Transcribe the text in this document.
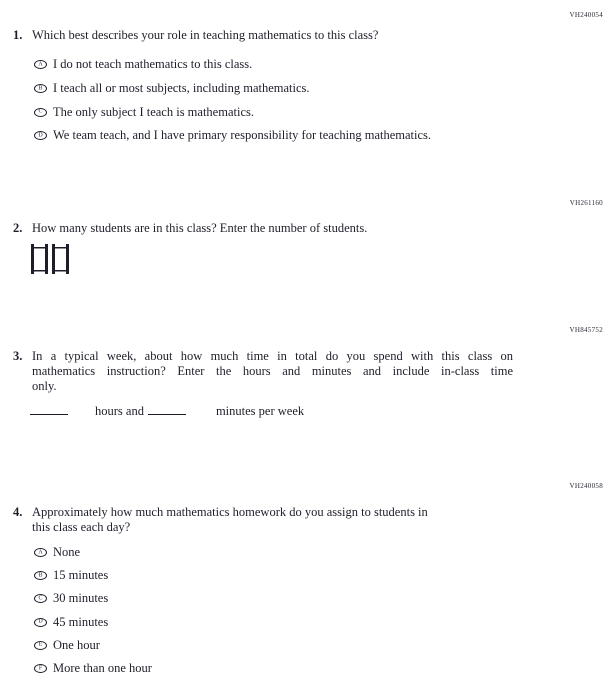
VH240054
1. Which best describes your role in teaching mathematics to this class?
A I do not teach mathematics to this class.
B I teach all or most subjects, including mathematics.
C The only subject I teach is mathematics.
D We team teach, and I have primary responsibility for teaching mathematics.
VH261160
2. How many students are in this class? Enter the number of students.
VH845752
3. In a typical week, about how much time in total do you spend with this class on
mathematics instruction? Enter the hours and minutes and include in-class time
only.
hours and	minutes per week
VH240058
4. Approximately how much mathematics homework do you assign to students in
this class each day?
A None
B 15 minutes
C 30 minutes
D 45 minutes
E One hour
F More than one hour
